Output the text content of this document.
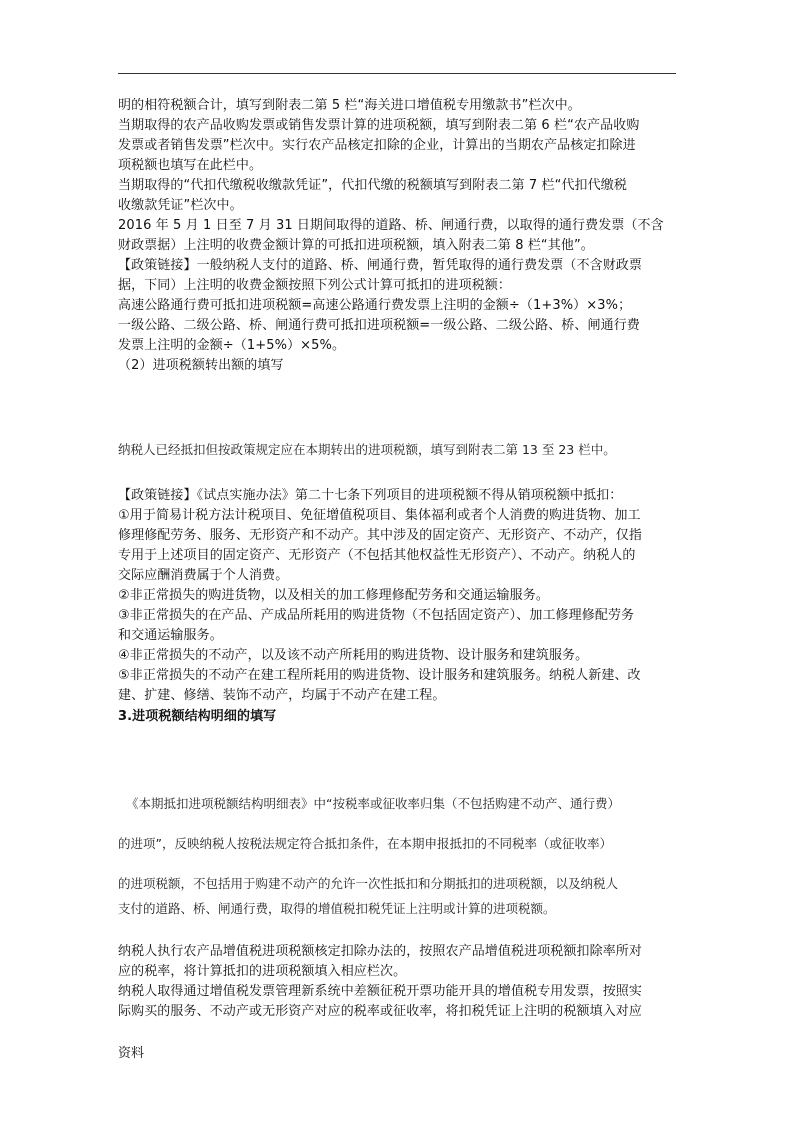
明的相符税额合计，填写到附表二第 5 栏“海关进口增值税专用缴款书”栏次中。
当期取得的农产品收购发票或销售发票计算的进项税额，填写到附表二第 6 栏“农产品收购
发票或者销售发票”栏次中。实行农产品核定扣除的企业，计算出的当期农产品核定扣除进
项税额也填写在此栏中。
当期取得的“代扣代缴税收缴款凭证”，代扣代缴的税额填写到附表二第 7 栏“代扣代缴税
收缴款凭证”栏次中。
2016 年 5 月 1 日至 7 月 31 日期间取得的道路、桥、闸通行费，以取得的通行费发票（不含
财政票据）上注明的收费金额计算的可抵扣进项税额，填入附表二第 8 栏“其他”。
【政策链接】一般纳税人支付的道路、桥、闸通行费，暂凭取得的通行费发票（不含财政票
据，下同）上注明的收费金额按照下列公式计算可抵扣的进项税额：
高速公路通行费可抵扣进项税额=高速公路通行费发票上注明的金额÷（1+3%）×3%；
一级公路、二级公路、桥、闸通行费可抵扣进项税额=一级公路、二级公路、桥、闸通行费
发票上注明的金额÷（1+5%）×5%。
（2）进项税额转出额的填写
纳税人已经抵扣但按政策规定应在本期转出的进项税额，填写到附表二第 13 至 23 栏中。
【政策链接】《试点实施办法》第二十七条下列项目的进项税额不得从销项税额中抵扣：
①用于简易计税方法计税项目、免征增值税项目、集体福利或者个人消费的购进货物、加工
修理修配劳务、服务、无形资产和不动产。其中涉及的固定资产、无形资产、不动产，仅指
专用于上述项目的固定资产、无形资产（不包括其他权益性无形资产）、不动产。纳税人的
交际应酬消费属于个人消费。
②非正常损失的购进货物，以及相关的加工修理修配劳务和交通运输服务。
③非正常损失的在产品、产成品所耗用的购进货物（不包括固定资产）、加工修理修配劳务
和交通运输服务。
④非正常损失的不动产，以及该不动产所耗用的购进货物、设计服务和建筑服务。
⑤非正常损失的不动产在建工程所耗用的购进货物、设计服务和建筑服务。纳税人新建、改
建、扩建、修缮、装饰不动产，均属于不动产在建工程。
3.进项税额结构明细的填写
《本期抵扣进项税额结构明细表》中“按税率或征收率归集（不包括购建不动产、通行费）
的进项”，反映纳税人按税法规定符合抵扣条件，在本期申报抵扣的不同税率（或征收率）
的进项税额，不包括用于购建不动产的允许一次性抵扣和分期抵扣的进项税额，以及纳税人
支付的道路、桥、闸通行费，取得的增值税扣税凭证上注明或计算的进项税额。
纳税人执行农产品增值税进项税额核定扣除办法的，按照农产品增值税进项税额扣除率所对
应的税率，将计算抵扣的进项税额填入相应栏次。
纳税人取得通过增值税发票管理新系统中差额征税开票功能开具的增值税专用发票，按照实
际购买的服务、不动产或无形资产对应的税率或征收率，将扣税凭证上注明的税额填入对应
资料
